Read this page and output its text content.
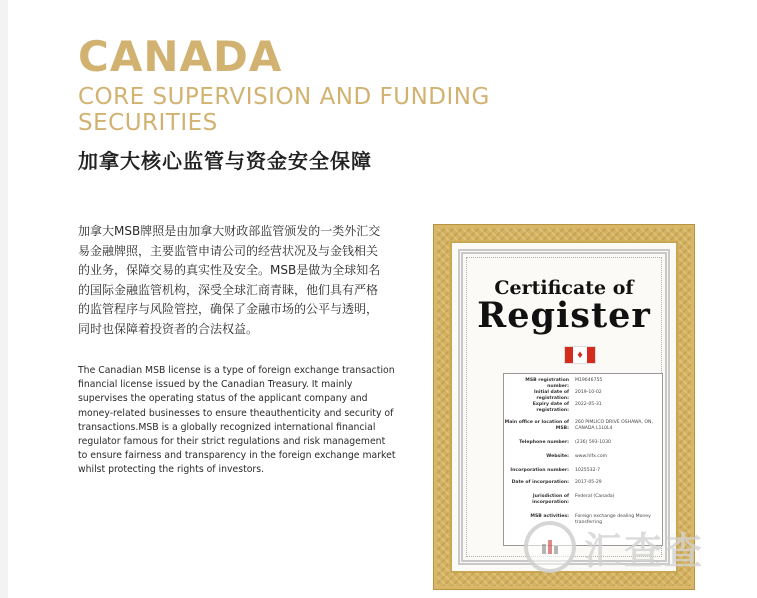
CANADA
CORE SUPERVISION AND FUNDING SECURITIES
加拿大核心监管与资金安全保障
加拿大MSB牌照是由加拿大财政部监管颁发的一类外汇交易金融牌照，主要监管申请公司的经营状况及与金钱相关的业务，保障交易的真实性及安全。MSB是做为全球知名的国际金融监管机构，深受全球汇商青睐，他们具有严格的监管程序与风险管控，确保了金融市场的公平与透明，同时也保障着投资者的合法权益。
The Canadian MSB license is a type of foreign exchange transaction financial license issued by the Canadian Treasury. It mainly supervises the operating status of the applicant company and money-related businesses to ensure theauthenticity and security of transactions.MSB is a globally recognized international financial regulator famous for their strict regulations and risk management to ensure fairness and transparency in the foreign exchange market whilst protecting the rights of investors.
Certificate of
Register
♦
MSB registration number:
M19646755
Initial date of registration:
2019-10-02
Expiry date of registration:
2022-05-31
Main office or location of MSB:
260 PIMLICO DRIVE OSHAWA, ON, CANADA L1L0L4
Telephone number:	(236) 593-1030
Website:	www.hlfx.com
Incorporation number:	1025532-7
Date of incorporation:	2017-05-29
Jurisdiction of incorporation:
Federal (Canada)
MSB activities:	Foreign exchange dealing Money transferring
汇查查
